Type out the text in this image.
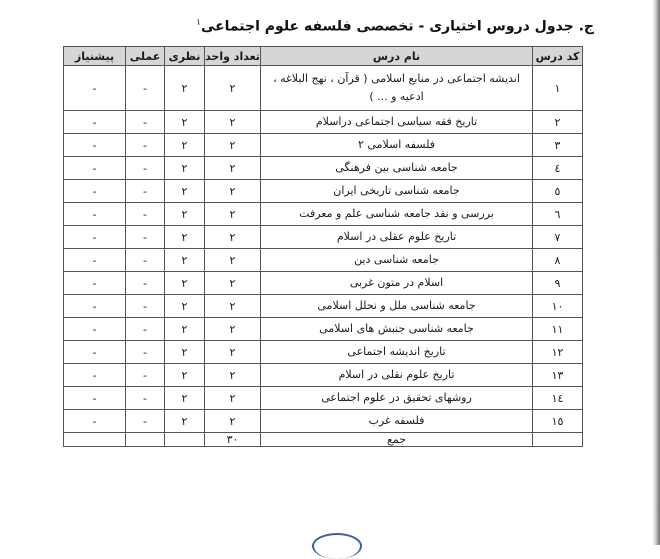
ج. جدول دروس اختیاری - تخصصی فلسفه علوم اجتماعی$^۱$
کد درس	نام درس	تعداد واحد	نظری	عملی	پیشنیاز
۱	اندیشه اجتماعی در منابع اسلامی ( قرآن ، نهج البلاغه ، ادعیه و ... )	۲	۲	-	-
۲	تاریخ فقه سیاسی اجتماعی دراسلام	۲	۲	-	-
۳	فلسفه اسلامی ۲	۲	۲	-	-
٤	جامعه شناسی بین فرهنگی	۲	۲	-	-
٥	جامعه شناسی تاریخی ایران	۲	۲	-	-
٦	بررسی و نقد جامعه شناسی علم و معرفت	۲	۲	-	-
۷	تاریخ علوم عقلی در اسلام	۲	۲	-	-
۸	جامعه شناسی دین	۲	۲	-	-
۹	اسلام در متون غربی	۲	۲	-	-
۱۰	جامعه شناسی ملل و نحلل اسلامی	۲	۲	-	-
۱۱	جامعه شناسی جنبش های اسلامی	۲	۲	-	-
۱۲	تاریخ اندیشه اجتماعی	۲	۲	-	-
۱۳	تاریخ علوم نقلی در اسلام	۲	۲	-	-
۱٤	روشهای تحقیق در علوم اجتماعی	۲	۲	-	-
۱٥	فلسفه غرب	۲	۲	-	-
	جمع	۳۰			
